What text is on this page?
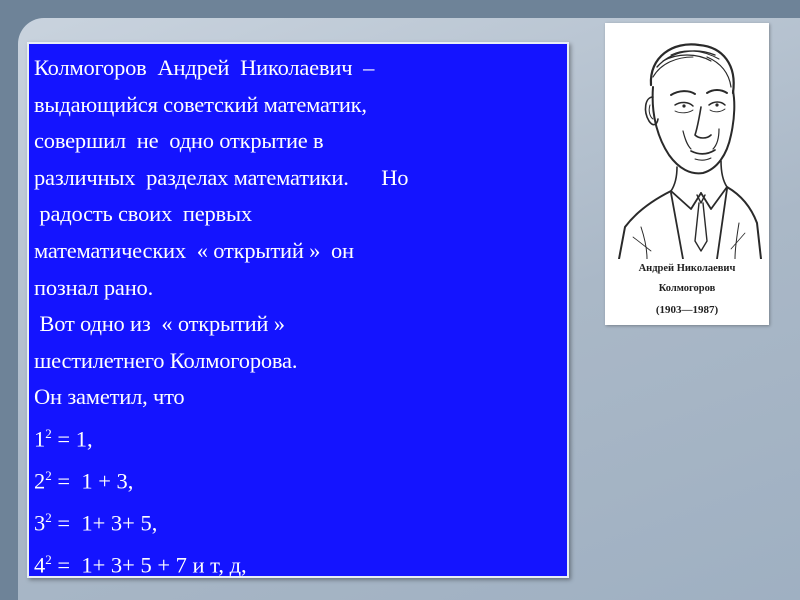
Колмогоров  Андрей  Николаевич  –
выдающийся советский математик,
совершил  не  одно открытие в
различных  разделах математики.      Но
радость своих  первых
математических  « открытий »  он
познал рано.
Вот одно из  « открытий »
шестилетнего Колмогорова.
Он заметил, что
$1^2 = 1$,
$2^2 = 1 + 3$,
$3^2 = 1+ 3+ 5$,
$4^2 = 1+ 3+ 5 + 7$ и т, д,
Андрей Николаевич
Колмогоров
(1903—1987)
